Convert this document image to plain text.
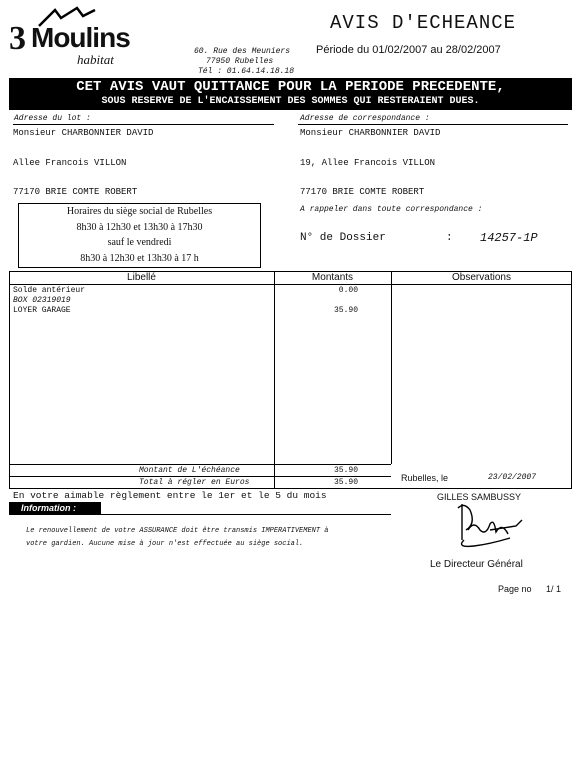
3 Moulins
habitat
60. Rue des Meuniers
77950 Rubelles
Tél : 01.64.14.18.18
AVIS D'ECHEANCE
Période du 01/02/2007 au 28/02/2007
CET AVIS VAUT QUITTANCE POUR LA PERIODE PRECEDENTE,
SOUS RESERVE DE L'ENCAISSEMENT DES SOMMES QUI RESTERAIENT DUES.
Adresse du lot :
Monsieur CHARBONNIER DAVID
Allee Francois VILLON
77170 BRIE COMTE ROBERT
Adresse de correspondance :
Monsieur CHARBONNIER DAVID
19, Allee Francois VILLON
77170 BRIE COMTE ROBERT
Horaires du siège social de Rubelles
8h30 à 12h30 et 13h30 à 17h30
sauf le vendredi
8h30 à 12h30 et 13h30 à 17 h
A rappeler dans toute correspondance :
N° de Dossier	: 14257-1P
Libellé	Montants	Observations
Solde antérieur	0.00
BOX 02319019
LOYER GARAGE	35.90
Montant de L'échéance	35.90
Total à régler en Euros	35.90
En votre aimable règlement entre le 1er et le 5 du mois
Rubelles, le	23/02/2007
GILLES SAMBUSSY
Le Directeur Général
Information :
Le renouvellement de votre ASSURANCE doit être transmis IMPERATIVEMENT à
votre gardien. Aucune mise à jour n'est effectuée au siège social.
Page no 1/ 1
